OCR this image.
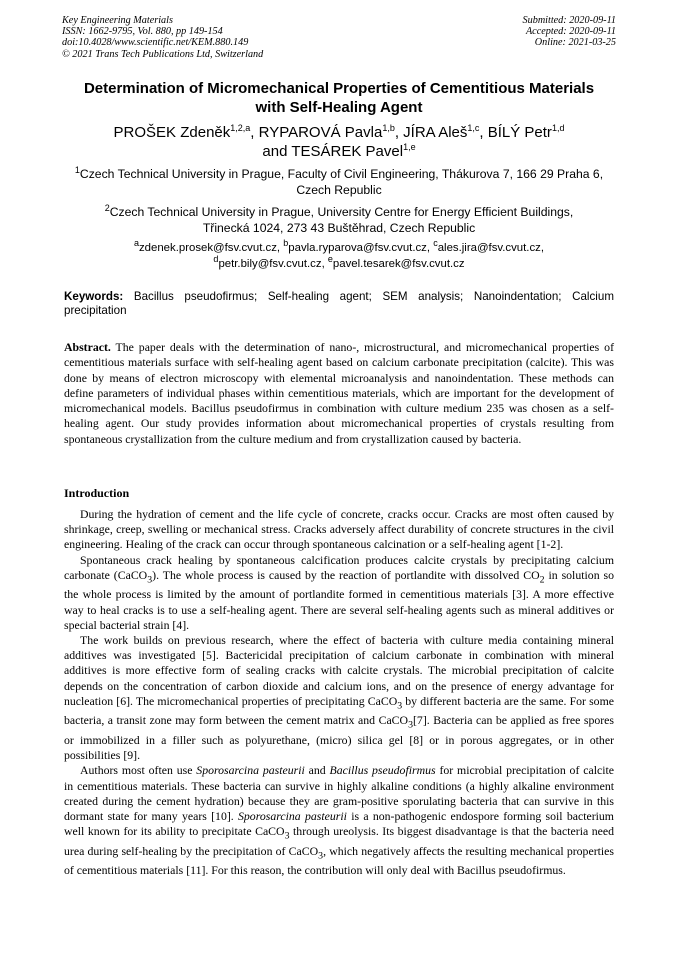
Key Engineering Materials
ISSN: 1662-9795, Vol. 880, pp 149-154
doi:10.4028/www.scientific.net/KEM.880.149
© 2021 Trans Tech Publications Ltd, Switzerland
Submitted: 2020-09-11
Accepted: 2020-09-11
Online: 2021-03-25
Determination of Micromechanical Properties of Cementitious Materials
with Self-Healing Agent
PROŠEK Zdeněk$^{1,2,a}$, RYPAROVÁ Pavla$^{1,b}$, JÍRA Aleš$^{1,c}$, BÍLÝ Petr$^{1,d}$
and TESÁREK Pavel$^{1,e}$
$^1$Czech Technical University in Prague, Faculty of Civil Engineering, Thákurova 7, 166 29 Praha 6,
Czech Republic
$^2$Czech Technical University in Prague, University Centre for Energy Efficient Buildings,
Třinecká 1024, 273 43 Buštěhrad, Czech Republic
$^a$zdenek.prosek@fsv.cvut.cz, $^b$pavla.ryparova@fsv.cvut.cz, $^c$ales.jira@fsv.cvut.cz,
$^d$petr.bily@fsv.cvut.cz, $^e$pavel.tesarek@fsv.cvut.cz
Keywords: Bacillus pseudofirmus; Self-healing agent; SEM analysis; Nanoindentation; Calcium precipitation
Abstract. The paper deals with the determination of nano-, microstructural, and micromechanical properties of cementitious materials surface with self-healing agent based on calcium carbonate precipitation (calcite). This was done by means of electron microscopy with elemental microanalysis and nanoindentation. These methods can define parameters of individual phases within cementitious materials, which are important for the development of micromechanical models. Bacillus pseudofirmus in combination with culture medium 235 was chosen as a self-healing agent. Our study provides information about micromechanical properties of crystals resulting from spontaneous crystallization from the culture medium and from crystallization caused by bacteria.
Introduction

During the hydration of cement and the life cycle of concrete, cracks occur. Cracks are most often caused by shrinkage, creep, swelling or mechanical stress. Cracks adversely affect durability of concrete structures in the civil engineering. Healing of the crack can occur through spontaneous calcination or a self-healing agent [1-2].

Spontaneous crack healing by spontaneous calcification produces calcite crystals by precipitating calcium carbonate (CaCO$_3$). The whole process is caused by the reaction of portlandite with dissolved $CO_2$ in solution so the whole process is limited by the amount of portlandite formed in cementitious materials [3]. A more effective way to heal cracks is to use a self-healing agent. There are several self-healing agents such as mineral additives or special bacterial strain [4].

The work builds on previous research, where the effect of bacteria with culture media containing mineral additives was investigated [5]. Bactericidal precipitation of calcium carbonate in combination with mineral additives is more effective form of sealing cracks with calcite crystals. The microbial precipitation of calcite depends on the concentration of carbon dioxide and calcium ions, and on the presence of energy advantage for nucleation [6]. The micromechanical properties of precipitating CaCO$_3$ by different bacteria are the same. For some bacteria, a transit zone may form between the cement matrix and CaCO$_3$[7]. Bacteria can be applied as free spores or immobilized in a filler such as polyurethane, (micro) silica gel [8] or in porous aggregates, or in other possibilities [9].

Authors most often use Sporosarcina pasteurii and Bacillus pseudofirmus for microbial precipitation of calcite in cementitious materials. These bacteria can survive in highly alkaline conditions (a highly alkaline environment created during the cement hydration) because they are gram-positive sporulating bacteria that can survive in this dormant state for many years [10]. Sporosarcina pasteurii is a non-pathogenic endospore forming soil bacterium well known for its ability to precipitate CaCO$_3$ through ureolysis. Its biggest disadvantage is that the bacteria need urea during self-healing by the precipitation of CaCO$_3$, which negatively affects the resulting mechanical properties of cementitious materials [11]. For this reason, the contribution will only deal with Bacillus pseudofirmus.
